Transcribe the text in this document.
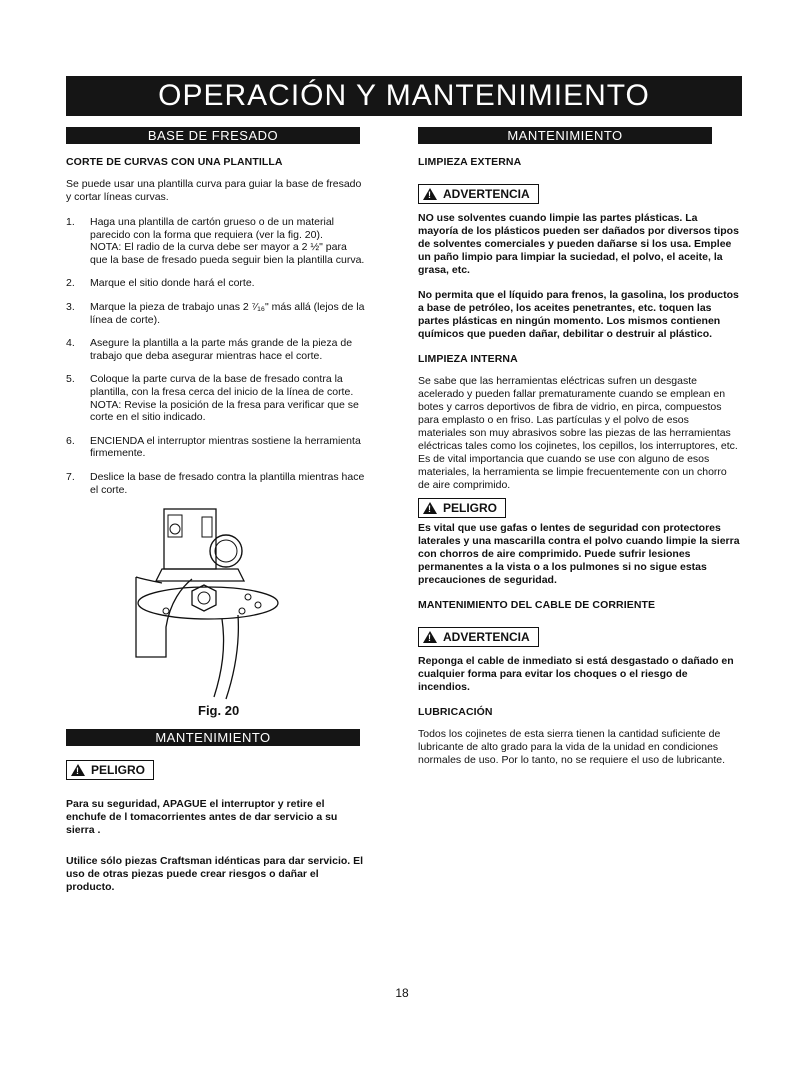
OPERACIÓN Y MANTENIMIENTO
BASE DE FRESADO
CORTE DE CURVAS CON UNA PLANTILLA

Se puede usar una plantilla curva para guiar la base de fresado y cortar líneas curvas.

1. Haga una plantilla de cartón grueso o de un material parecido con la forma que requiera (ver la fig. 20).
NOTA: El radio de la curva debe ser mayor a 2 ½" para que la base de fresado pueda seguir bien la plantilla curva.
2. Marque el sitio donde hará el corte.
3. Marque la pieza de trabajo unas 2 ⁷⁄₁₆" más allá (lejos de la línea de corte).
4. Asegure la plantilla a la parte más grande de la pieza de trabajo que deba asegurar mientras hace el corte.
5. Coloque la parte curva de la base de fresado contra la plantilla, con la fresa cerca del inicio de la línea de corte.
NOTA: Revise la posición de la fresa para verificar que se corte en el sitio indicado.
6. ENCIENDA el interruptor mientras sostiene la herramienta firmemente.
7. Deslice la base de fresado contra la plantilla mientras hace el corte.
Fig. 20
MANTENIMIENTO
!
PELIGRO
Para su seguridad, APAGUE el interruptor y retire el enchufe de l tomacorrientes antes de dar servicio a su sierra .
Utilice sólo piezas Craftsman idénticas para dar servicio. El uso de otras piezas puede crear riesgos o dañar el producto.
MANTENIMIENTO
LIMPIEZA EXTERNA
!
ADVERTENCIA
NO use solventes cuando limpie las partes plásticas. La mayoría de los plásticos pueden ser dañados por diversos tipos de solventes comerciales y pueden dañarse si los usa. Emplee un paño limpio para limpiar la suciedad, el polvo, el aceite, la grasa, etc.
No permita que el líquido para frenos, la gasolina, los productos a base de petróleo, los aceites penetrantes, etc. toquen las partes plásticas en ningún momento. Los mismos contienen químicos que pueden dañar, debilitar o destruir al plástico.
LIMPIEZA INTERNA

Se sabe que las herramientas eléctricas sufren un desgaste acelerado y pueden fallar prematuramente cuando se emplean en botes y carros deportivos de fibra de vidrio, en pirca, compuestos para emplasto o en friso. Las partículas y el polvo de esos materiales son muy abrasivos sobre las piezas de las herramientas eléctricas tales como los cojinetes, los cepillos, los interruptores, etc. Es de vital importancia que cuando se use con alguno de esos materiales, la herramienta se limpie frecuentemente con un chorro de aire comprimido.

!
PELIGRO
Es vital que use gafas o lentes de seguridad con protectores laterales y una mascarilla contra el polvo cuando limpie la sierra con chorros de aire comprimido. Puede sufrir lesiones permanentes a la vista o a los pulmones si no sigue estas precauciones de seguridad.
MANTENIMIENTO DEL CABLE DE CORRIENTE
!
ADVERTENCIA
Reponga el cable de inmediato si está desgastado o dañado en cualquier forma para evitar los choques o el riesgo de incendios.
LUBRICACIÓN

Todos los cojinetes de esta sierra tienen la cantidad suficiente de lubricante de alto grado para la vida de la unidad en condiciones normales de uso. Por lo tanto, no se requiere el uso de lubricante.

18
